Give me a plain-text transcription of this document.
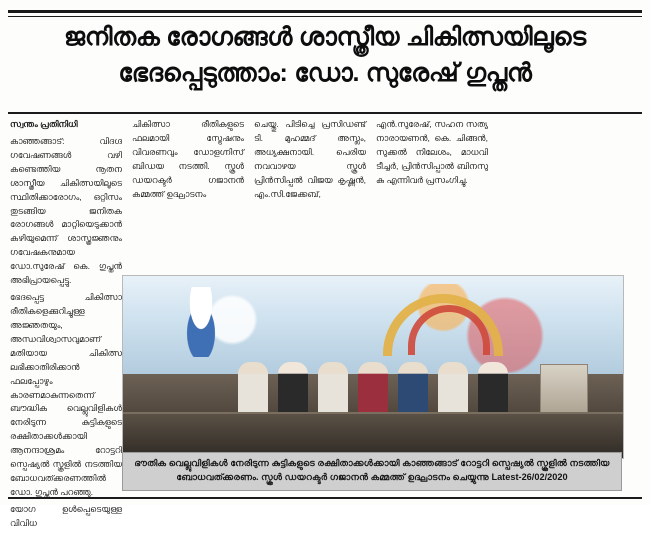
ജനിതക രോഗങ്ങൾ ശാസ്ത്രീയ ചികിത്സയിലൂടെ
ഭേദപ്പെടുത്താം: ഡോ. സുരേഷ് ഗുപ്തൻ

സ്വന്തം പ്രതിനിധി

കാഞ്ഞങ്ങാട്: വിദഗ്ദ ഗവേഷണങ്ങൾ വഴി കണ്ടെത്തിയ നൂതന ശാസ്ത്രീയ ചികിത്സയിലൂടെ സ്ഥിതിക്കാരോഗം, ഒറ്റിസം തുടങ്ങിയ ജനിതക രോഗങ്ങൾ മാറ്റിയെടുക്കാൻ കഴിയുമെന്ന് ശാസ്ത്രജ്ഞനും ഗവേഷകനുമായ ഡോ.സുരേഷ് കെ. ഗുപ്തൻ അഭിപ്രായപ്പെട്ടു.

ഭേദപ്പെട്ട ചികിത്സാ രീതികളെക്കുറിച്ചുള്ള അജ്ഞതയും, അന്ധവിശ്വാസവുമാണ് മതിയായ ചികിത്സ ലഭിക്കാതിരിക്കാൻ ഫലപ്പോഴും കാരണമാകുന്നതെന്ന് ബൗദ്ധിക വെല്ലുവിളികൾ നേരിടുന്ന കുട്ടികളുടെ രക്ഷിതാക്കൾക്കായി ആനന്ദാശ്രമം റോട്ടറി സ്പെഷ്യൽ സ്കൂളിൽ നടത്തിയ ബോധവത്ക്കരണത്തിൽ ഡോ. ഗുപ്തൻ പറഞ്ഞു.

യോഗ ഉൾപ്പെടെയുള്ള വിവിധ

ചികിത്സാ രീതികളുടെ ഫലമായി സ്ട്രേഷനും വിവരണവും ഡോളഗ്നിസ് ബിഡയ നടത്തി. സ്കൂൾ ഡയറക്ടർ ഗജാനൻ കമ്മത്ത് ഉദ്ഘാടനം

ചെയ്തു. പിടിച്ചെ പ്രസിഡണ്ട് ടി. മുഹമ്മദ് അസ്ലം, അധ്യക്ഷനായി. പെരിയ നവവാഴയ സ്കൂൾ പ്രിൻസിപ്പൽ വിജയ കൃഷ്ണൻ, എം.സി.ജേക്കബ്,

എൻ.സുരേഷ്, സഹന സത്യ നാരായണൻ, കെ. ചിങ്ങൻ, സുക്കൽ നിലേശം, മാധവി ടീച്ചർ, പ്രിൻസിപ്പാൽ ബിനസു കു എന്നിവർ പ്രസംഗിച്ചു.

ഭൗതിക വെല്ലുവിളികൾ നേരിടുന്ന കുട്ടികളുടെ രക്ഷിതാക്കൾക്കായി കാഞ്ഞങ്ങാട് റോട്ടറി സ്പെഷ്യൽ സ്കൂളിൽ നടത്തിയ ബോധവത്ക്കരണം. സ്കൂൾ ഡയറക്ടർ ഗജാനൻ കമ്മത്ത് ഉദ്ഘാടനം ചെയ്യുന്നു Latest-26/02/2020
